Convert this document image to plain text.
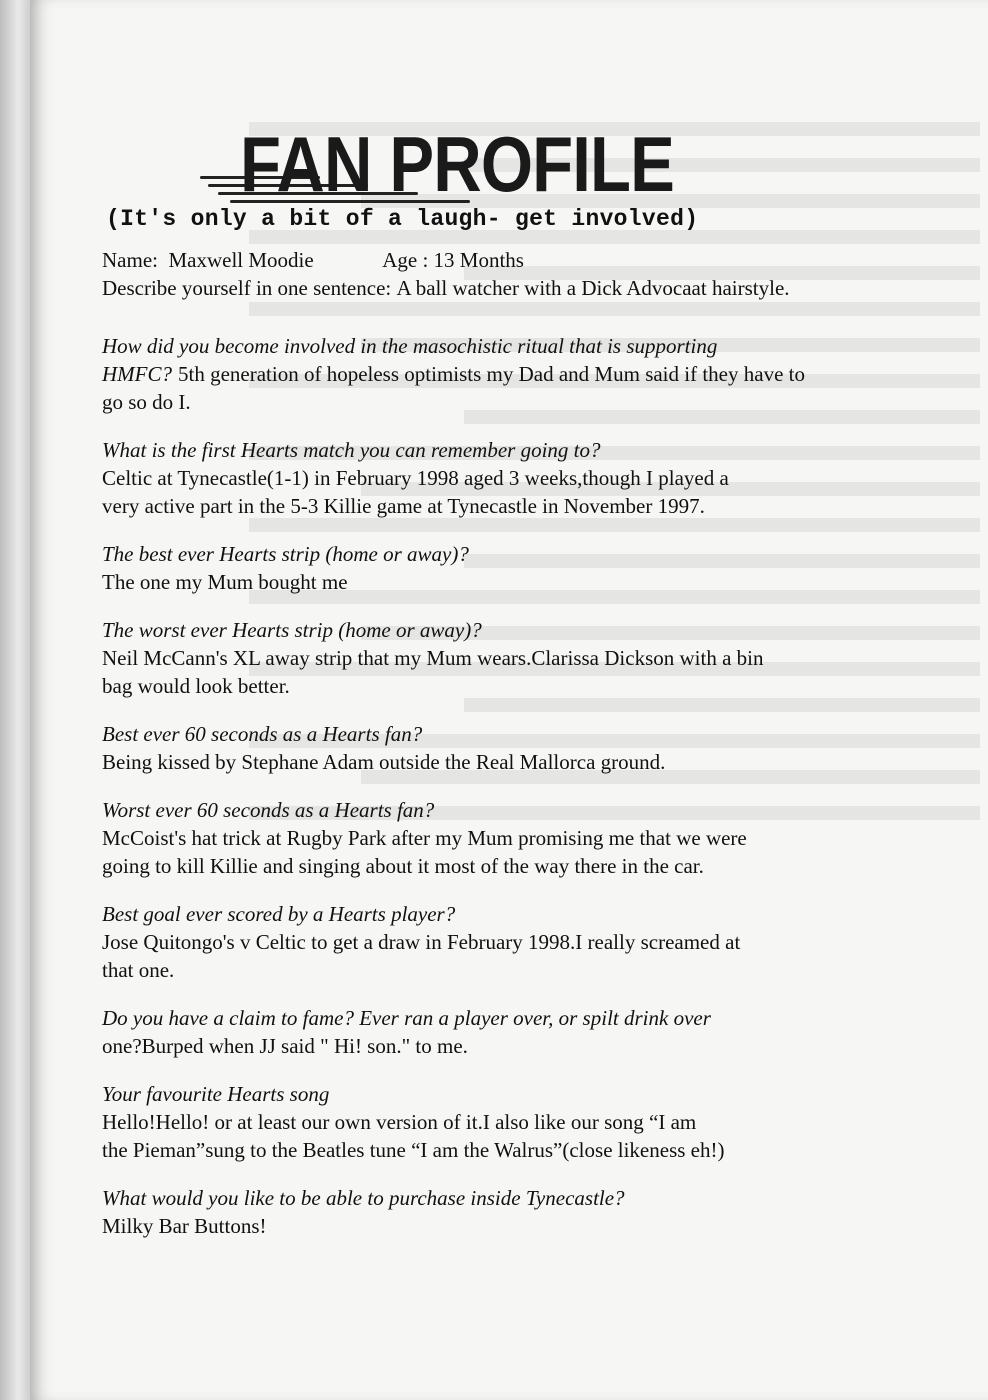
FAN PROFILE
(It's only a bit of a laugh- get involved)
Name: Maxwell Moodie	Age : 13 Months
Describe yourself in one sentence: A ball watcher with a Dick Advocaat hairstyle.
How did you become involved in the masochistic ritual that is supporting
HMFC? 5th generation of hopeless optimists my Dad and Mum said if they have to
go so do I.
What is the first Hearts match you can remember going to?
Celtic at Tynecastle(1-1) in February 1998 aged 3 weeks,though I played a
very active part in the 5-3 Killie game at Tynecastle in November 1997.
The best ever Hearts strip (home or away)?
The one my Mum bought me
The worst ever Hearts strip (home or away)?
Neil McCann's XL away strip that my Mum wears.Clarissa Dickson with a bin
bag would look better.
Best ever 60 seconds as a Hearts fan?
Being kissed by Stephane Adam outside the Real Mallorca ground.
Worst ever 60 seconds as a Hearts fan?
McCoist's hat trick at Rugby Park after my Mum promising me that we were
going to kill Killie and singing about it most of the way there in the car.
Best goal ever scored by a Hearts player?
Jose Quitongo's v Celtic to get a draw in February 1998.I really screamed at
that one.
Do you have a claim to fame? Ever ran a player over, or spilt drink over
one?Burped when JJ said " Hi! son." to me.
Your favourite Hearts song
Hello!Hello! or at least our own version of it.I also like our song “I am
the Pieman”sung to the Beatles tune “I am the Walrus”(close likeness eh!)
What would you like to be able to purchase inside Tynecastle?
Milky Bar Buttons!
